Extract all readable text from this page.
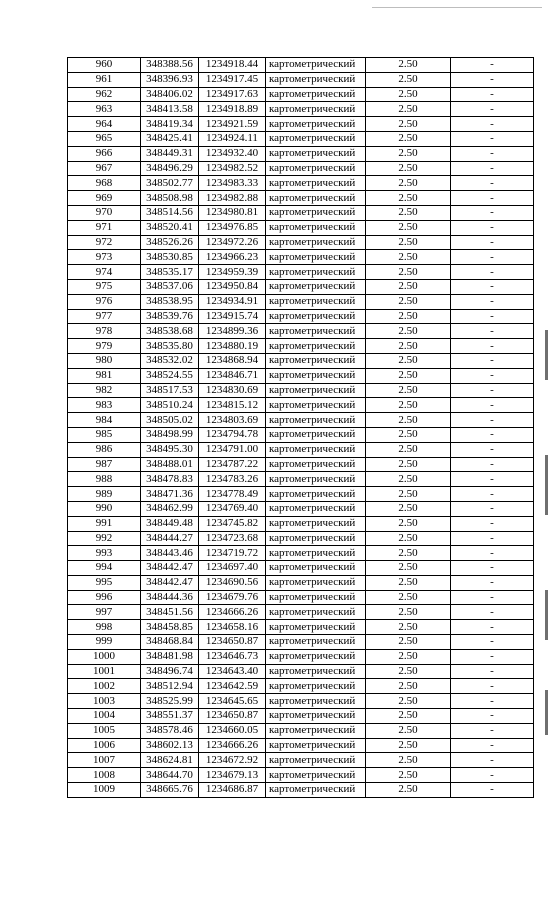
960	348388.56	1234918.44	картометрический	2.50	-
961	348396.93	1234917.45	картометрический	2.50	-
962	348406.02	1234917.63	картометрический	2.50	-
963	348413.58	1234918.89	картометрический	2.50	-
964	348419.34	1234921.59	картометрический	2.50	-
965	348425.41	1234924.11	картометрический	2.50	-
966	348449.31	1234932.40	картометрический	2.50	-
967	348496.29	1234982.52	картометрический	2.50	-
968	348502.77	1234983.33	картометрический	2.50	-
969	348508.98	1234982.88	картометрический	2.50	-
970	348514.56	1234980.81	картометрический	2.50	-
971	348520.41	1234976.85	картометрический	2.50	-
972	348526.26	1234972.26	картометрический	2.50	-
973	348530.85	1234966.23	картометрический	2.50	-
974	348535.17	1234959.39	картометрический	2.50	-
975	348537.06	1234950.84	картометрический	2.50	-
976	348538.95	1234934.91	картометрический	2.50	-
977	348539.76	1234915.74	картометрический	2.50	-
978	348538.68	1234899.36	картометрический	2.50	-
979	348535.80	1234880.19	картометрический	2.50	-
980	348532.02	1234868.94	картометрический	2.50	-
981	348524.55	1234846.71	картометрический	2.50	-
982	348517.53	1234830.69	картометрический	2.50	-
983	348510.24	1234815.12	картометрический	2.50	-
984	348505.02	1234803.69	картометрический	2.50	-
985	348498.99	1234794.78	картометрический	2.50	-
986	348495.30	1234791.00	картометрический	2.50	-
987	348488.01	1234787.22	картометрический	2.50	-
988	348478.83	1234783.26	картометрический	2.50	-
989	348471.36	1234778.49	картометрический	2.50	-
990	348462.99	1234769.40	картометрический	2.50	-
991	348449.48	1234745.82	картометрический	2.50	-
992	348444.27	1234723.68	картометрический	2.50	-
993	348443.46	1234719.72	картометрический	2.50	-
994	348442.47	1234697.40	картометрический	2.50	-
995	348442.47	1234690.56	картометрический	2.50	-
996	348444.36	1234679.76	картометрический	2.50	-
997	348451.56	1234666.26	картометрический	2.50	-
998	348458.85	1234658.16	картометрический	2.50	-
999	348468.84	1234650.87	картометрический	2.50	-
1000	348481.98	1234646.73	картометрический	2.50	-
1001	348496.74	1234643.40	картометрический	2.50	-
1002	348512.94	1234642.59	картометрический	2.50	-
1003	348525.99	1234645.65	картометрический	2.50	-
1004	348551.37	1234650.87	картометрический	2.50	-
1005	348578.46	1234660.05	картометрический	2.50	-
1006	348602.13	1234666.26	картометрический	2.50	-
1007	348624.81	1234672.92	картометрический	2.50	-
1008	348644.70	1234679.13	картометрический	2.50	-
1009	348665.76	1234686.87	картометрический	2.50	-
